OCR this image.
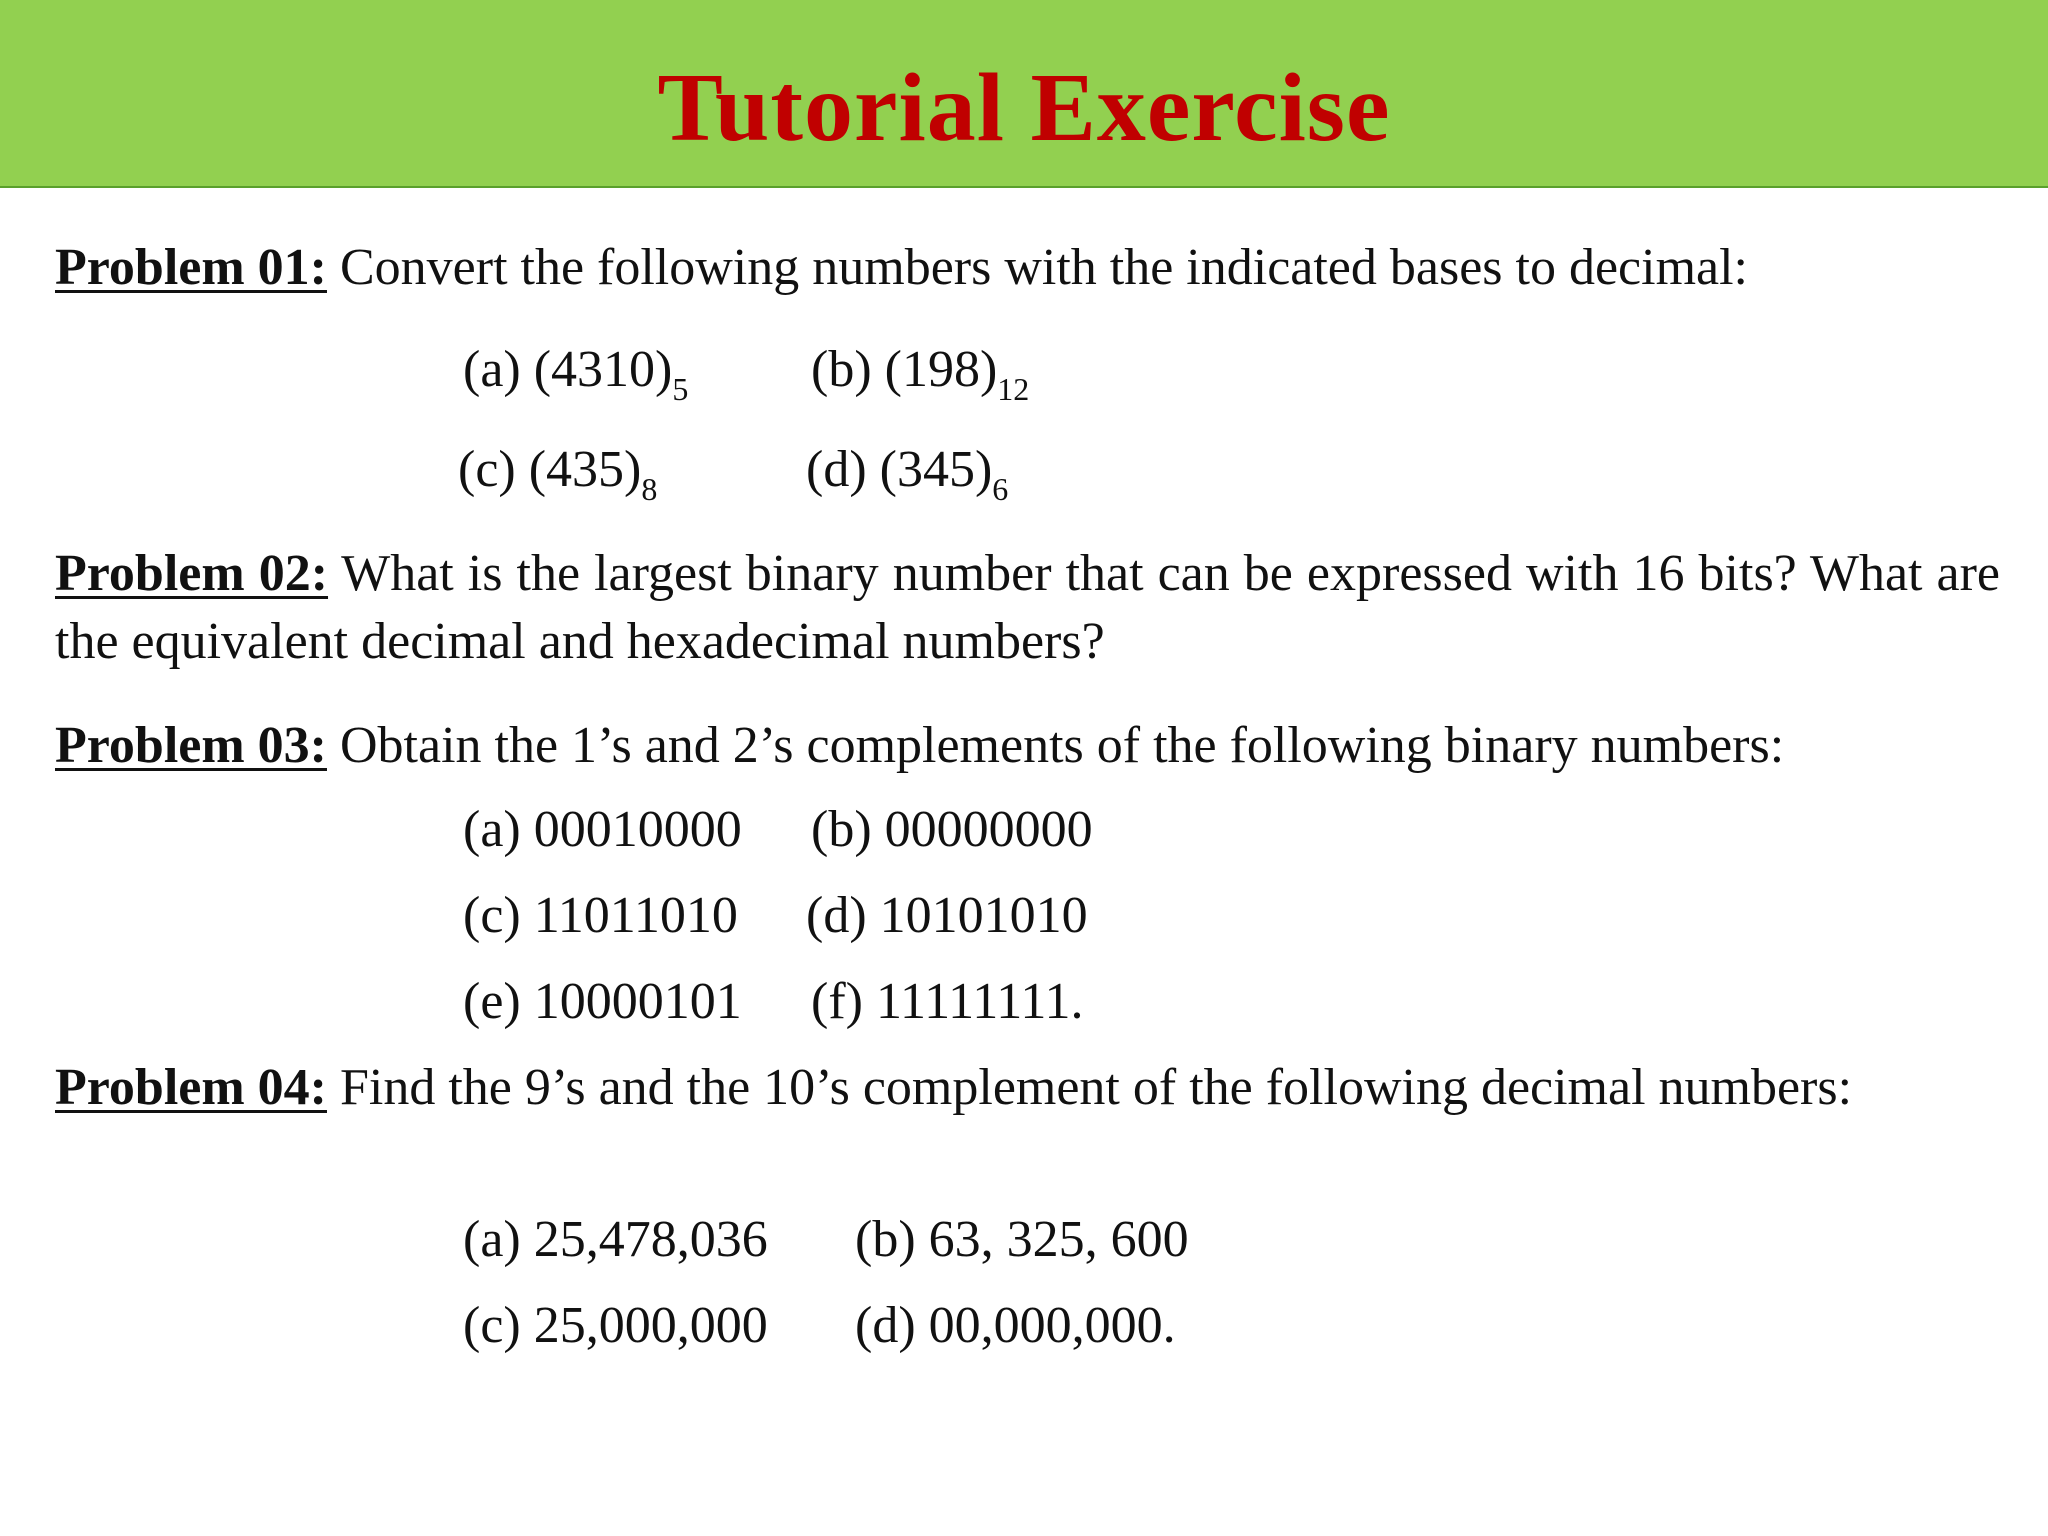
Tutorial Exercise

Problem 01: Convert the following numbers with the indicated bases to decimal:

(a) $(4310)_5$ (b) $(198)_{12}$
(c) $(435)_8$	(d) $(345)_6$

Problem 02: What is the largest binary number that can be expressed with 16 bits? What are the equivalent decimal and hexadecimal numbers?

Problem 03: Obtain the 1’s and 2’s complements of the following binary numbers:

(a) 00010000 (b) 00000000
(c) 11011010 (d) 10101010
(e) 10000101 (f) 11111111.

Problem 04: Find the 9’s and the 10’s complement of the following decimal numbers:

(a) 25,478,036 (b) 63, 325, 600
(c) 25,000,000 (d) 00,000,000.
